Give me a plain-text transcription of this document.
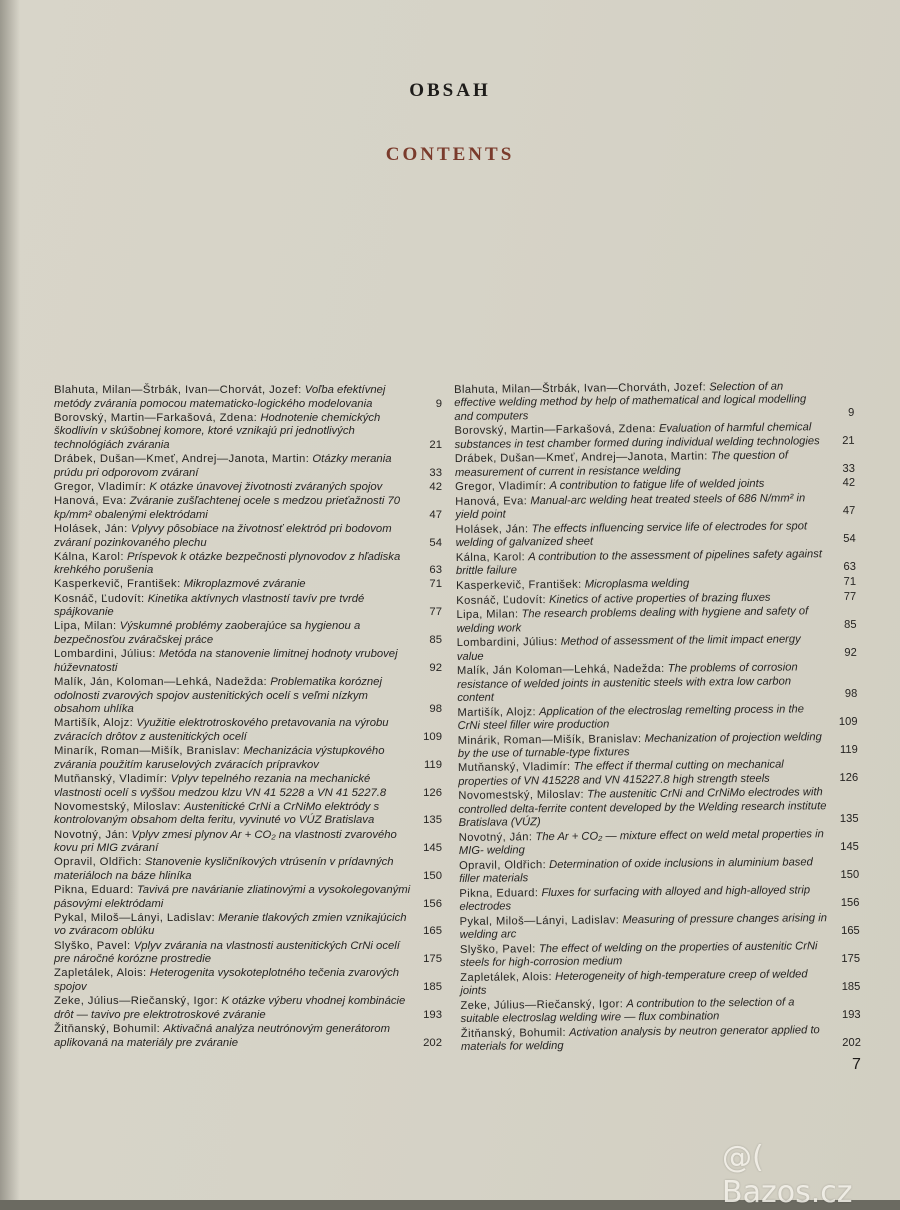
OBSAH
CONTENTS
Blahuta, Milan—Štrbák, Ivan—Chorvát, Jozef: Voľba efektívnej metódy zvárania pomocou matematicko-logického modelovania	9
Borovský, Martin—Farkašová, Zdena: Hodnotenie chemických škodlivín v skúšobnej komore, ktoré vznikajú pri jednotlivých technológiách zvárania	21
Drábek, Dušan—Kmeť, Andrej—Janota, Martin: Otázky merania prúdu pri odporovom zváraní	33
Gregor, Vladimír: K otázke únavovej životnosti zváraných spojov	42
Hanová, Eva: Zváranie zušľachtenej ocele s medzou prieťažnosti 70 kp/mm² obalenými elektródami	47
Holásek, Ján: Vplyvy pôsobiace na životnosť elektród pri bodovom zváraní pozinkovaného plechu	54
Kálna, Karol: Príspevok k otázke bezpečnosti plynovodov z hľadiska krehkého porušenia	63
Kasperkevič, František: Mikroplazmové zváranie	71
Kosnáč, Ľudovít: Kinetika aktívnych vlastností tavív pre tvrdé spájkovanie	77
Lipa, Milan: Výskumné problémy zaoberajúce sa hygienou a bezpečnosťou zváračskej práce	85
Lombardini, Július: Metóda na stanovenie limitnej hodnoty vrubovej húževnatosti	92
Malík, Ján, Koloman—Lehká, Nadežda: Problematika koróznej odolnosti zvarových spojov austenitických ocelí s veľmi nízkym obsahom uhlíka	98
Martišík, Alojz: Využitie elektrotroskového pretavovania na výrobu zváracích drôtov z austenitických ocelí	109
Minarík, Roman—Mišík, Branislav: Mechanizácia výstupkového zvárania použitím karuselových zváracích prípravkov	119
Mutňanský, Vladimír: Vplyv tepelného rezania na mechanické vlastnosti ocelí s vyššou medzou klzu VN 41 5228 a VN 41 5227.8	126
Novomestský, Miloslav: Austenitické CrNi a CrNiMo elektródy s kontrolovaným obsahom delta feritu, vyvinuté vo VÚZ Bratislava	135
Novotný, Ján: Vplyv zmesi plynov Ar + CO₂ na vlastnosti zvarového kovu pri MIG zváraní	145
Opravil, Oldřich: Stanovenie kysličníkových vtrúsenín v prídavných materiáloch na báze hliníka	150
Pikna, Eduard: Tavivá pre navárianie zliatinovými a vysokolegovanými pásovými elektródami	156
Pykal, Miloš—Lányi, Ladislav: Meranie tlakových zmien vznikajúcich vo zváracom oblúku	165
Slyško, Pavel: Vplyv zvárania na vlastnosti austenitických CrNi ocelí pre náročné korózne prostredie	175
Zapletálek, Alois: Heterogenita vysokoteplotného tečenia zvarových spojov	185
Zeke, Július—Riečanský, Igor: K otázke výberu vhodnej kombinácie drôt — tavivo pre elektrotroskové zváranie	193
Žitňanský, Bohumil: Aktivačná analýza neutrónovým generátorom aplikovaná na materiály pre zváranie	202
Blahuta, Milan—Štrbák, Ivan—Chorváth, Jozef: Selection of an effective welding method by help of mathematical and logical modelling and computers	9
Borovský, Martin—Farkašová, Zdena: Evaluation of harmful chemical substances in test chamber formed during individual welding technologies	21
Drábek, Dušan—Kmeť, Andrej—Janota, Martin: The question of measurement of current in resistance welding	33
Gregor, Vladimír: A contribution to fatigue life of welded joints	42
Hanová, Eva: Manual-arc welding heat treated steels of 686 N/mm² in yield point	47
Holásek, Ján: The effects influencing service life of electrodes for spot welding of galvanized sheet	54
Kálna, Karol: A contribution to the assessment of pipelines safety against brittle failure	63
Kasperkevič, František: Microplasma welding	71
Kosnáč, Ľudovít: Kinetics of active properties of brazing fluxes	77
Lipa, Milan: The research problems dealing with hygiene and safety of welding work	85
Lombardini, Július: Method of assessment of the limit impact energy value	92
Malík, Ján Koloman—Lehká, Nadežda: The problems of corrosion resistance of welded joints in austenitic steels with extra low carbon content	98
Martišík, Alojz: Application of the electroslag remelting process in the CrNi steel filler wire production	109
Minárik, Roman—Mišík, Branislav: Mechanization of projection welding by the use of turnable-type fixtures	119
Mutňanský, Vladimír: The effect if thermal cutting on mechanical properties of VN 415228 and VN 415227.8 high strength steels	126
Novomestský, Miloslav: The austenitic CrNi and CrNiMo electrodes with controlled delta-ferrite content developed by the Welding research institute Bratislava (VÚZ)	135
Novotný, Ján: The Ar + CO₂ — mixture effect on weld metal properties in MIG- welding	145
Opravil, Oldřich: Determination of oxide inclusions in aluminium based filler materials	150
Pikna, Eduard: Fluxes for surfacing with alloyed and high-alloyed strip electrodes	156
Pykal, Miloš—Lányi, Ladislav: Measuring of pressure changes arising in welding arc	165
Slyško, Pavel: The effect of welding on the properties of austenitic CrNi steels for high-corrosion medium	175
Zapletálek, Alois: Heterogeneity of high-temperature creep of welded joints	185
Zeke, Július—Riečanský, Igor: A contribution to the selection of a suitable electroslag welding wire — flux combination	193
Žitňanský, Bohumil: Activation analysis by neutron generator applied to materials for welding	202
7
@( Bazos.cz
